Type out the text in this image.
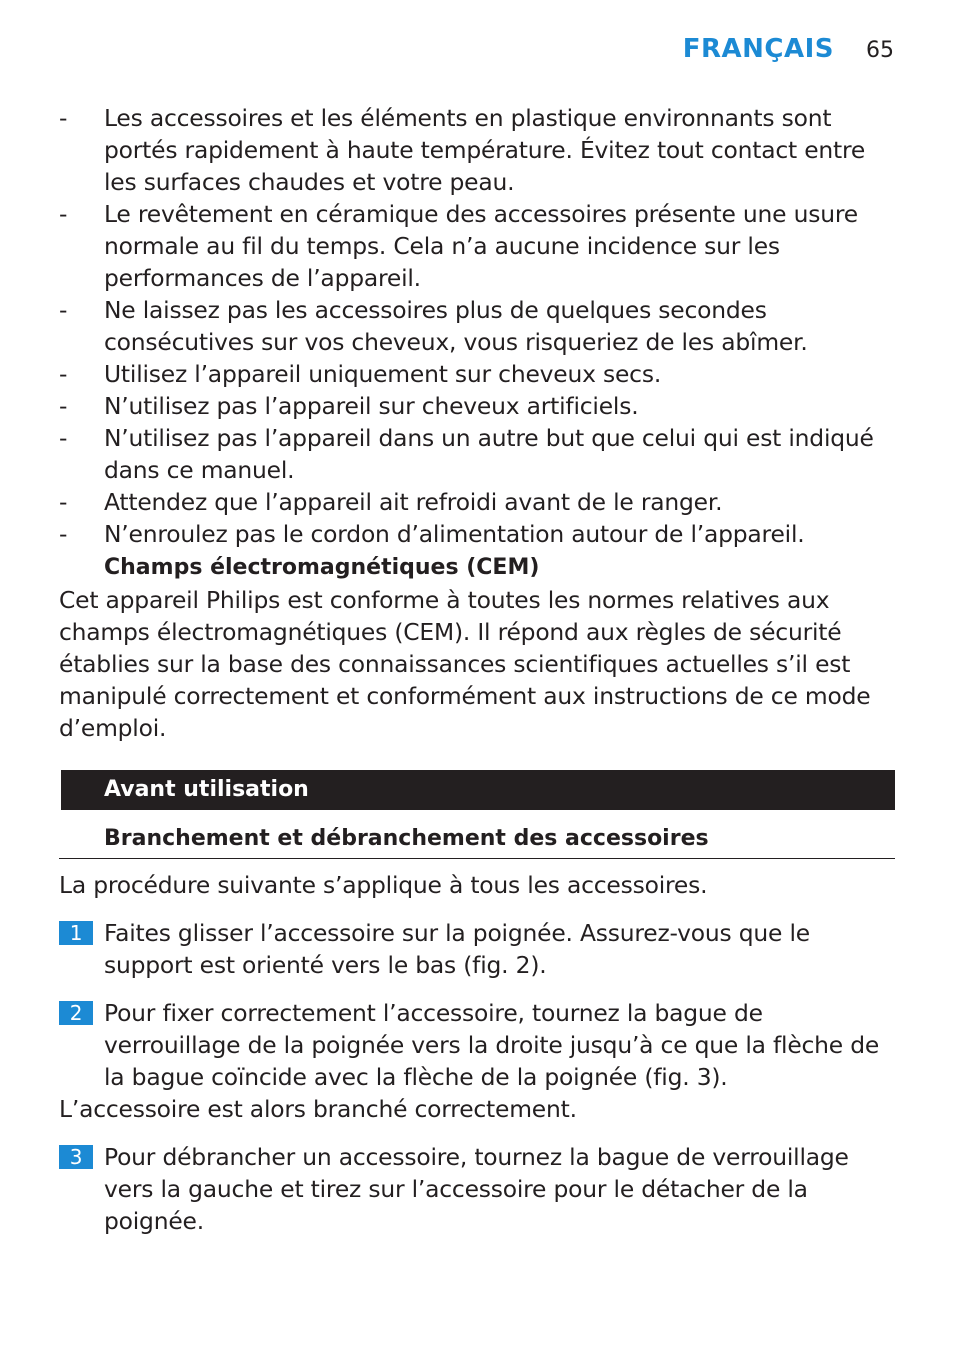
FRANÇAIS 65
- Les accessoires et les éléments en plastique environnants sont portés rapidement à haute température. Évitez tout contact entre les surfaces chaudes et votre peau.
- Le revêtement en céramique des accessoires présente une usure normale au fil du temps. Cela n’a aucune incidence sur les performances de l’appareil.
- Ne laissez pas les accessoires plus de quelques secondes consécutives sur vos cheveux, vous risqueriez de les abîmer.
- Utilisez l’appareil uniquement sur cheveux secs.
- N’utilisez pas l’appareil sur cheveux artificiels.
- N’utilisez pas l’appareil dans un autre but que celui qui est indiqué dans ce manuel.
- Attendez que l’appareil ait refroidi avant de le ranger.
- N’enroulez pas le cordon d’alimentation autour de l’appareil.
Champs électromagnétiques (CEM)

Cet appareil Philips est conforme à toutes les normes relatives aux champs électromagnétiques (CEM). Il répond aux règles de sécurité établies sur la base des connaissances scientifiques actuelles s’il est manipulé correctement et conformément aux instructions de ce mode d’emploi.

Avant utilisation
Branchement et débranchement des accessoires
La procédure suivante s’applique à tous les accessoires.
1 Faites glisser l’accessoire sur la poignée. Assurez-vous que le support est orienté vers le bas (fig. 2).
2 Pour fixer correctement l’accessoire, tournez la bague de verrouillage de la poignée vers la droite jusqu’à ce que la flèche de la bague coïncide avec la flèche de la poignée (fig. 3).
L’accessoire est alors branché correctement.
3 Pour débrancher un accessoire, tournez la bague de verrouillage vers la gauche et tirez sur l’accessoire pour le détacher de la poignée.
